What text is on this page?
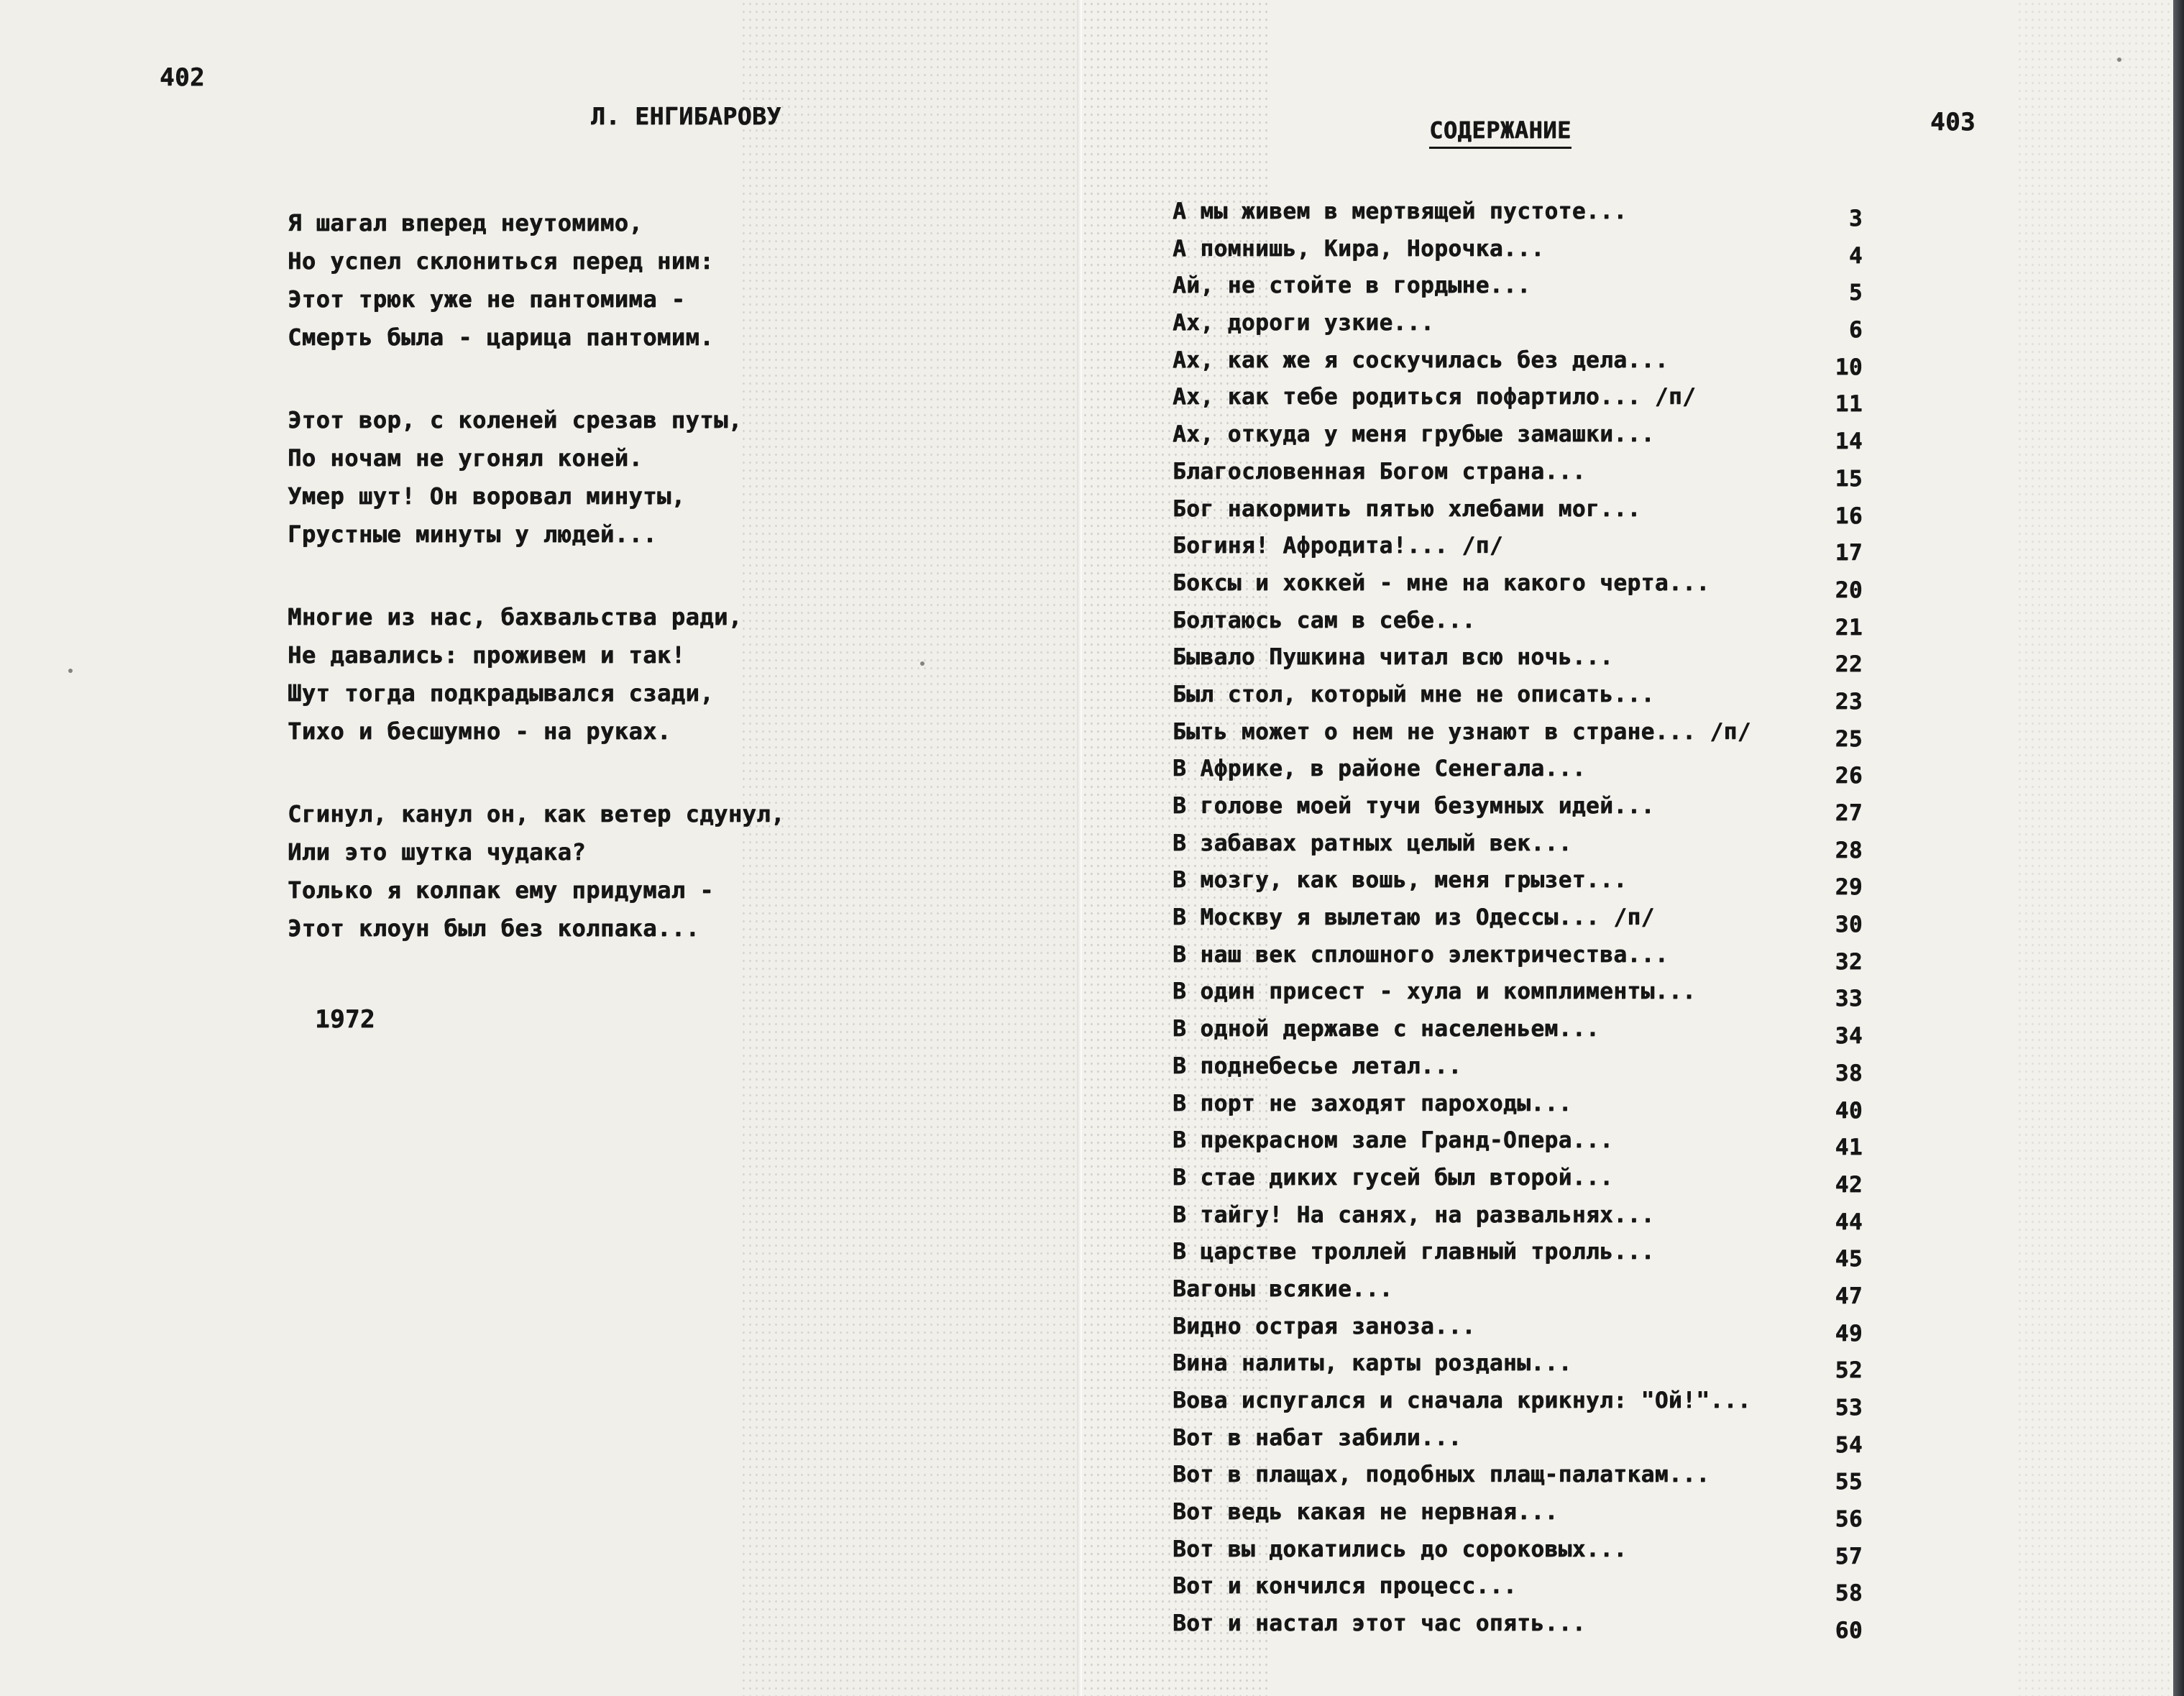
402
Л. ЕНГИБАРОВУ
Я шагал вперед неутомимо,
Но успел склониться перед ним:
Этот трюк уже не пантомима -
Смерть была - царица пантомим.
Этот вор, с коленей срезав путы,
По ночам не угонял коней.
Умер шут! Он воровал минуты,
Грустные минуты у людей...
Многие из нас, бахвальства ради,
Не давались: проживем и так!
Шут тогда подкрадывался сзади,
Тихо и бесшумно - на руках.
Сгинул, канул он, как ветер сдунул,
Или это шутка чудака?
Только я колпак ему придумал -
Этот клоун был без колпака...
1972
403
СОДЕРЖАНИЕ
А мы живем в мертвящей пустоте...	3
А помнишь, Кира, Норочка...	4
Ай, не стойте в гордыне...	5
Ах, дороги узкие...	6
Ах, как же я соскучилась без дела...	10
Ах, как тебе родиться пофартило... /п/	11
Ах, откуда у меня грубые замашки...	14
Благословенная Богом страна...	15
Бог накормить пятью хлебами мог...	16
Богиня! Афродита!... /п/	17
Боксы и хоккей - мне на какого черта...	20
Болтаюсь сам в себе...	21
Бывало Пушкина читал всю ночь...	22
Был стол, который мне не описать...	23
Быть может о нем не узнают в стране... /п/	25
В Африке, в районе Сенегала...	26
В голове моей тучи безумных идей...	27
В забавах ратных целый век...	28
В мозгу, как вошь, меня грызет...	29
В Москву я вылетаю из Одессы... /п/	30
В наш век сплошного электричества...	32
В один присест - хула и комплименты...	33
В одной державе с населеньем...	34
В поднебесье летал...	38
В порт не заходят пароходы...	40
В прекрасном зале Гранд-Опера...	41
В стае диких гусей был второй...	42
В тайгу! На санях, на развальнях...	44
В царстве троллей главный тролль...	45
Вагоны всякие...	47
Видно острая заноза...	49
Вина налиты, карты розданы...	52
Вова испугался и сначала крикнул: "Ой!"...	53
Вот в набат забили...	54
Вот в плащах, подобных плащ-палаткам...	55
Вот ведь какая не нервная...	56
Вот вы докатились до сороковых...	57
Вот и кончился процесс...	58
Вот и настал этот час опять...	60
